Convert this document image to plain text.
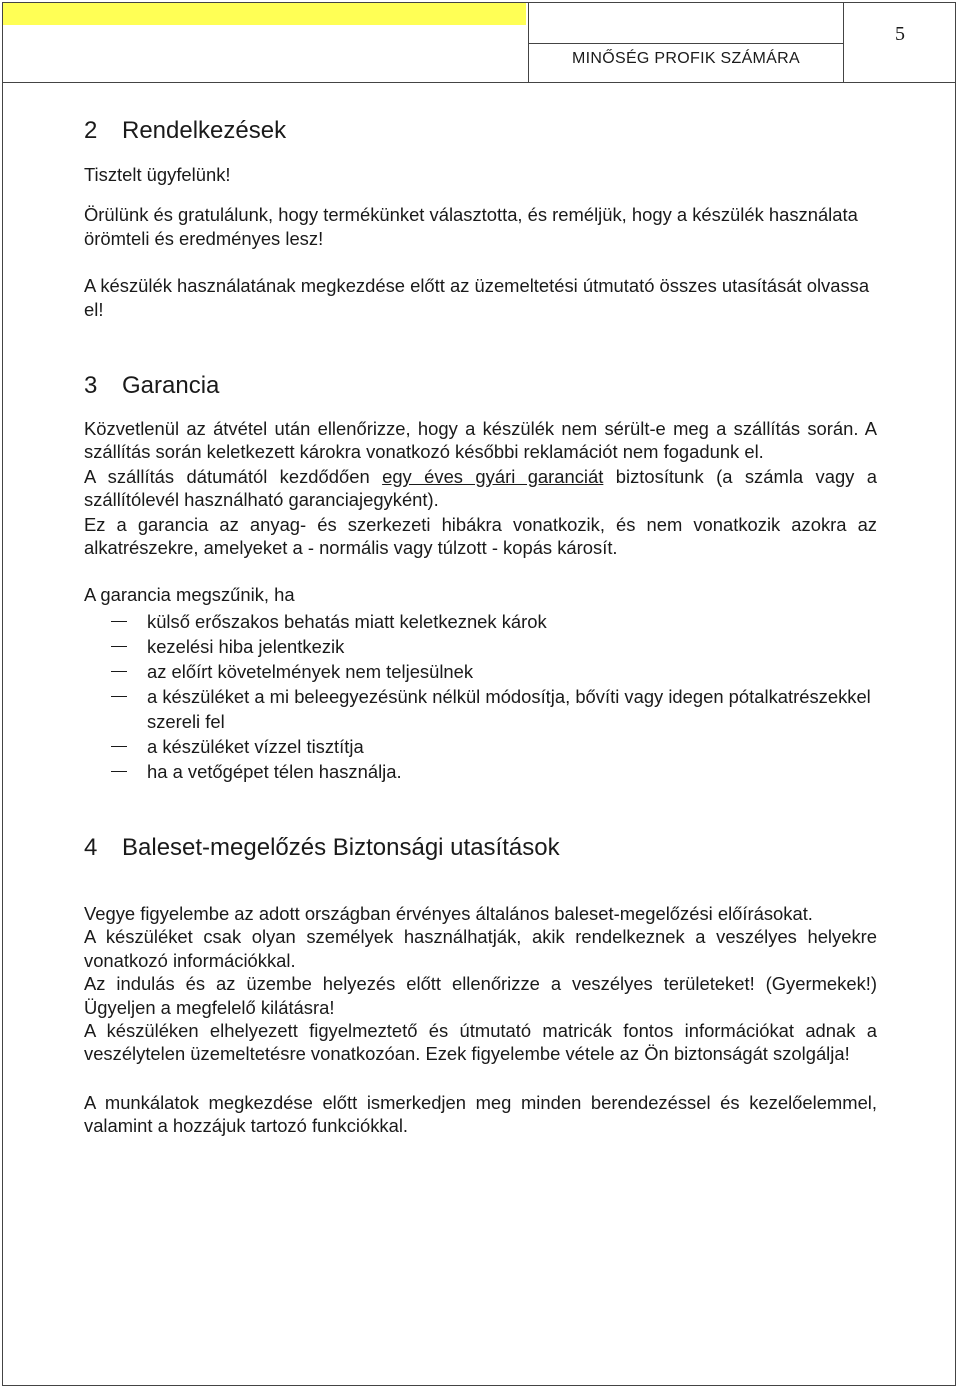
MINŐSÉG PROFIK SZÁMÁRA
5
2 Rendelkezések

Tisztelt ügyfelünk!

Örülünk és gratulálunk, hogy termékünket választotta, és reméljük, hogy a készülék használata örömteli és eredményes lesz!

A készülék használatának megkezdése előtt az üzemeltetési útmutató összes utasítását olvassa el!

3 Garancia

Közvetlenül az átvétel után ellenőrizze, hogy a készülék nem sérült-e meg a szállítás során. A szállítás során keletkezett károkra vonatkozó későbbi reklamációt nem fogadunk el.

A szállítás dátumától kezdődően egy éves gyári garanciát biztosítunk (a számla vagy a szállítólevél használható garanciajegyként).

Ez a garancia az anyag- és szerkezeti hibákra vonatkozik, és nem vonatkozik azokra az alkatrészekre, amelyeket a - normális vagy túlzott - kopás károsít.

A garancia megszűnik, ha

külső erőszakos behatás miatt keletkeznek károk
kezelési hiba jelentkezik
az előírt követelmények nem teljesülnek
a készüléket a mi beleegyezésünk nélkül módosítja, bővíti vagy idegen pótalkatrészekkel szereli fel
a készüléket vízzel tisztítja
ha a vetőgépet télen használja.
4 Baleset-megelőzés Biztonsági utasítások

Vegye figyelembe az adott országban érvényes általános baleset-megelőzési előírásokat.

A készüléket csak olyan személyek használhatják, akik rendelkeznek a veszélyes helyekre vonatkozó információkkal.

Az indulás és az üzembe helyezés előtt ellenőrizze a veszélyes területeket! (Gyermekek!) Ügyeljen a megfelelő kilátásra!

A készüléken elhelyezett figyelmeztető és útmutató matricák fontos információkat adnak a veszélytelen üzemeltetésre vonatkozóan. Ezek figyelembe vétele az Ön biztonságát szolgálja!

A munkálatok megkezdése előtt ismerkedjen meg minden berendezéssel és kezelőelemmel, valamint a hozzájuk tartozó funkciókkal.
